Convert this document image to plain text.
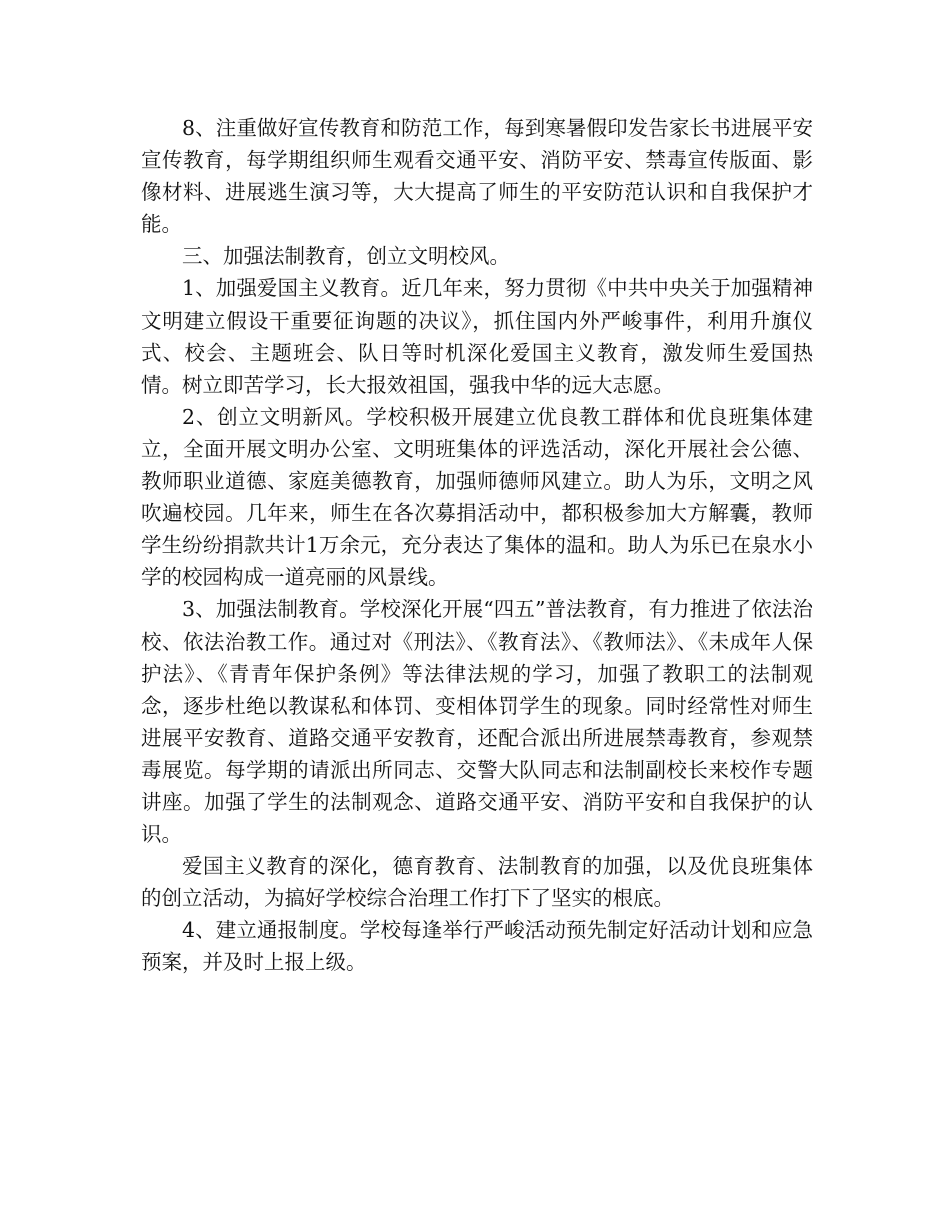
8、注重做好宣传教育和防范工作，每到寒暑假印发告家长书进展平安宣传教育，每学期组织师生观看交通平安、消防平安、禁毒宣传版面、影像材料、进展逃生演习等，大大提高了师生的平安防范认识和自我保护才能。

三、加强法制教育，创立文明校风。

1、加强爱国主义教育。近几年来，努力贯彻《中共中央关于加强精神文明建立假设干重要征询题的决议》，抓住国内外严峻事件，利用升旗仪式、校会、主题班会、队日等时机深化爱国主义教育，激发师生爱国热情。树立即苦学习，长大报效祖国，强我中华的远大志愿。

2、创立文明新风。学校积极开展建立优良教工群体和优良班集体建立，全面开展文明办公室、文明班集体的评选活动，深化开展社会公德、教师职业道德、家庭美德教育，加强师德师风建立。助人为乐，文明之风吹遍校园。几年来，师生在各次募捐活动中，都积极参加大方解囊，教师学生纷纷捐款共计1万余元，充分表达了集体的温和。助人为乐已在泉水小学的校园构成一道亮丽的风景线。

3、加强法制教育。学校深化开展“四五”普法教育，有力推进了依法治校、依法治教工作。通过对《刑法》、《教育法》、《教师法》、《未成年人保护法》、《青青年保护条例》等法律法规的学习，加强了教职工的法制观念，逐步杜绝以教谋私和体罚、变相体罚学生的现象。同时经常性对师生进展平安教育、道路交通平安教育，还配合派出所进展禁毒教育，参观禁毒展览。每学期的请派出所同志、交警大队同志和法制副校长来校作专题讲座。加强了学生的法制观念、道路交通平安、消防平安和自我保护的认识。

爱国主义教育的深化，德育教育、法制教育的加强，以及优良班集体的创立活动，为搞好学校综合治理工作打下了坚实的根底。

4、建立通报制度。学校每逢举行严峻活动预先制定好活动计划和应急预案，并及时上报上级。
